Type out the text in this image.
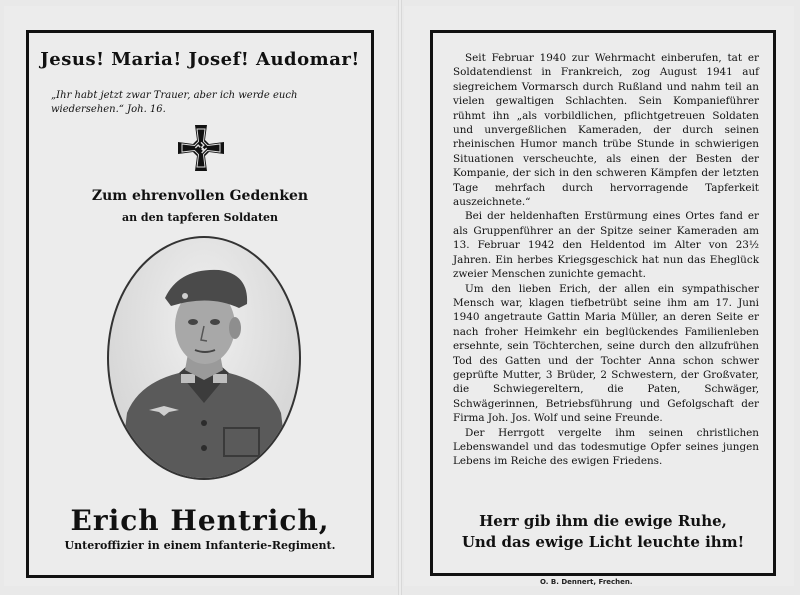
Jesus! Maria! Josef! Audomar!
„Ihr habt jetzt zwar Trauer, aber ich werde euch wiedersehen.“ Joh. 16.
Zum ehrenvollen Gedenken
an den tapferen Soldaten
Erich Hentrich,
Unteroffizier in einem Infanterie-Regiment.

Seit Februar 1940 zur Wehrmacht einberufen, tat er Soldatendienst in Frankreich, zog August 1941 auf siegreichem Vormarsch durch Rußland und nahm teil an vielen gewaltigen Schlachten. Sein Kompanieführer rühmt ihn „als vorbildlichen, pflichtgetreuen Soldaten und unvergeßlichen Kameraden, der durch seinen rheinischen Humor manch trübe Stunde in schwierigen Situationen verscheuchte, als einen der Besten der Kompanie, der sich in den schweren Kämpfen der letzten Tage mehrfach durch hervorragende Tapferkeit auszeichnete.“

Bei der heldenhaften Erstürmung eines Ortes fand er als Gruppenführer an der Spitze seiner Kameraden am 13. Februar 1942 den Heldentod im Alter von 23½ Jahren. Ein herbes Kriegsgeschick hat nun das Eheglück zweier Menschen zunichte gemacht.

Um den lieben Erich, der allen ein sympathischer Mensch war, klagen tiefbetrübt seine ihm am 17. Juni 1940 angetraute Gattin Maria Müller, an deren Seite er nach froher Heimkehr ein beglückendes Familienleben ersehnte, sein Töchterchen, seine durch den allzufrühen Tod des Gatten und der Tochter Anna schon schwer geprüfte Mutter, 3 Brüder, 2 Schwestern, der Großvater, die Schwiegereltern, die Paten, Schwäger, Schwägerinnen, Betriebsführung und Gefolgschaft der Firma Joh. Jos. Wolf und seine Freunde.

Der Herrgott vergelte ihm seinen christlichen Lebenswandel und das todesmutige Opfer seines jungen Lebens im Reiche des ewigen Friedens.

Herr gib ihm die ewige Ruhe,
Und das ewige Licht leuchte ihm!
O. B. Dennert, Frechen.
